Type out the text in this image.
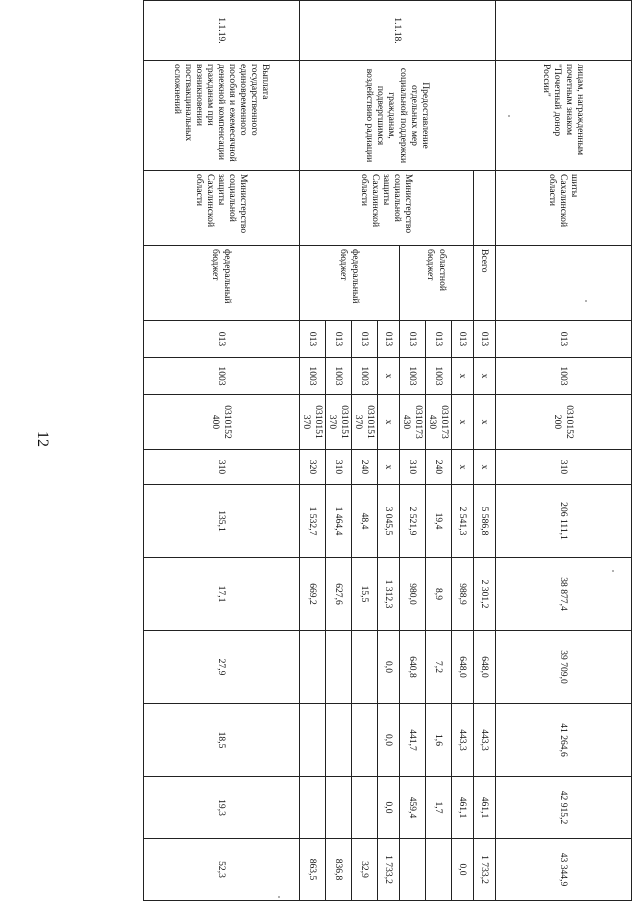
12
	лицам, награжденным почетным знаком "Почетный донор России"	шиты Сахалинской области		013	1003	0310152 200	310	206 111,1	38 877,4	39 709,0	41 264,6	42 915,2	43 344,9
1.1.18.	Предоставление отдельных мер социальной поддержки гражданам, подвергшимся воздействию радиации		Всего	013	х	х	х	5 586,8	2 301,2	648,0	443,3	461,1	1 733,2
		Министерство социальной защиты Сахалинской области	областной бюджет	013	х	х	х	2 541,3	988,9	648,0	443,3	461,1	0,0
				013	1003	0310173 430	240	19,4	8,9	7,2	1,6	1,7	
				013	1003	0310173 430	310	2 521,9	980,0	640,8	441,7	459,4	
			федеральный бюджет	013	х	х	х	3 045,5	1 312,3	0,0	0,0	0,0	1 733,2
				013	1003	0310151 370	240	48,4	15,5				32,9
				013	1003	0310151 370	310	1 464,4	627,6				836,8
				013	1003	0310151 370	320	1 532,7	669,2				863,5
1.1.19.	Выплата государственного единовременного пособия и ежемесячной денежной компенсации гражданам при возникновении поствакцинальных осложнений	Министерство социальной защиты Сахалинской области	федеральный бюджет	013	1003	0310152 400	310	135,1	17,1	27,9	18,5	19,3	52,3
